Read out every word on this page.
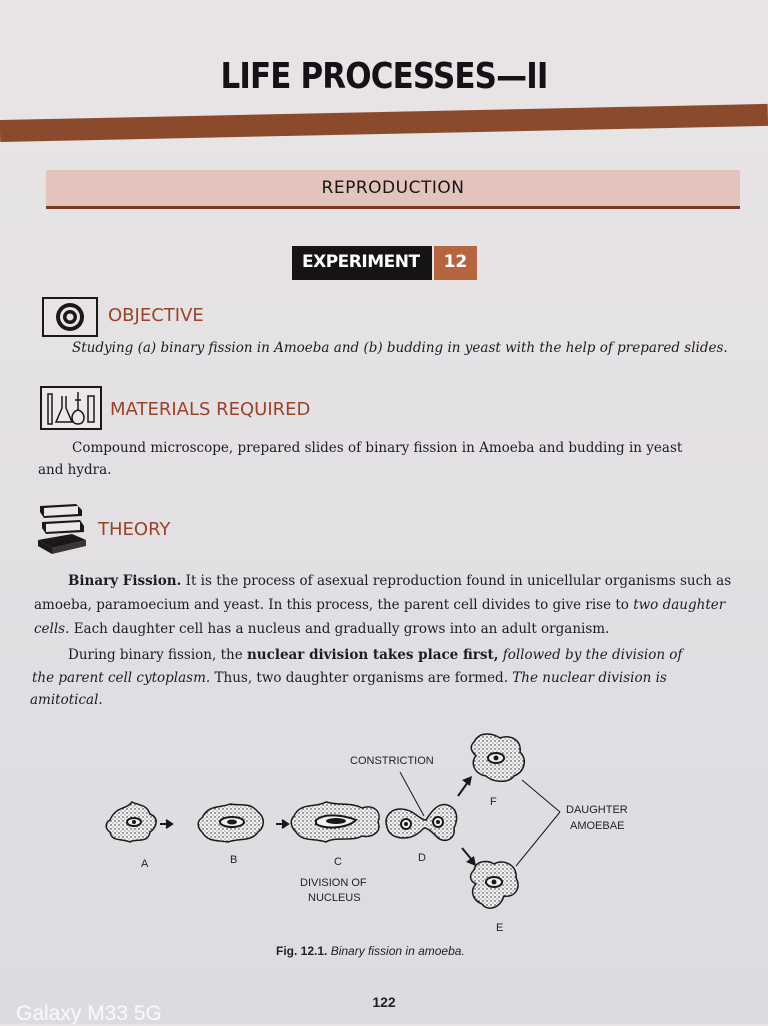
LIFE PROCESSES—II
REPRODUCTION
EXPERIMENT	12
OBJECTIVE
Studying (a) binary fission in Amoeba and (b) budding in yeast with the help of prepared slides.
MATERIALS REQUIRED
Compound microscope, prepared slides of binary fission in Amoeba and budding in yeast
and hydra.
THEORY
Binary Fission. It is the process of asexual reproduction found in unicellular organisms such as
amoeba, paramoecium and yeast. In this process, the parent cell divides to give rise to two daughter
cells. Each daughter cell has a nucleus and gradually grows into an adult organism.
During binary fission, the nuclear division takes place first, followed by the division of
the parent cell cytoplasm. Thus, two daughter organisms are formed. The nuclear division is
amitotical.
CONSTRICTION
DAUGHTER
AMOEBAE
DIVISION OF
NUCLEUS
A	B	C	D
E
F
Fig. 12.1. Binary fission in amoeba.
122
Galaxy M33 5G
